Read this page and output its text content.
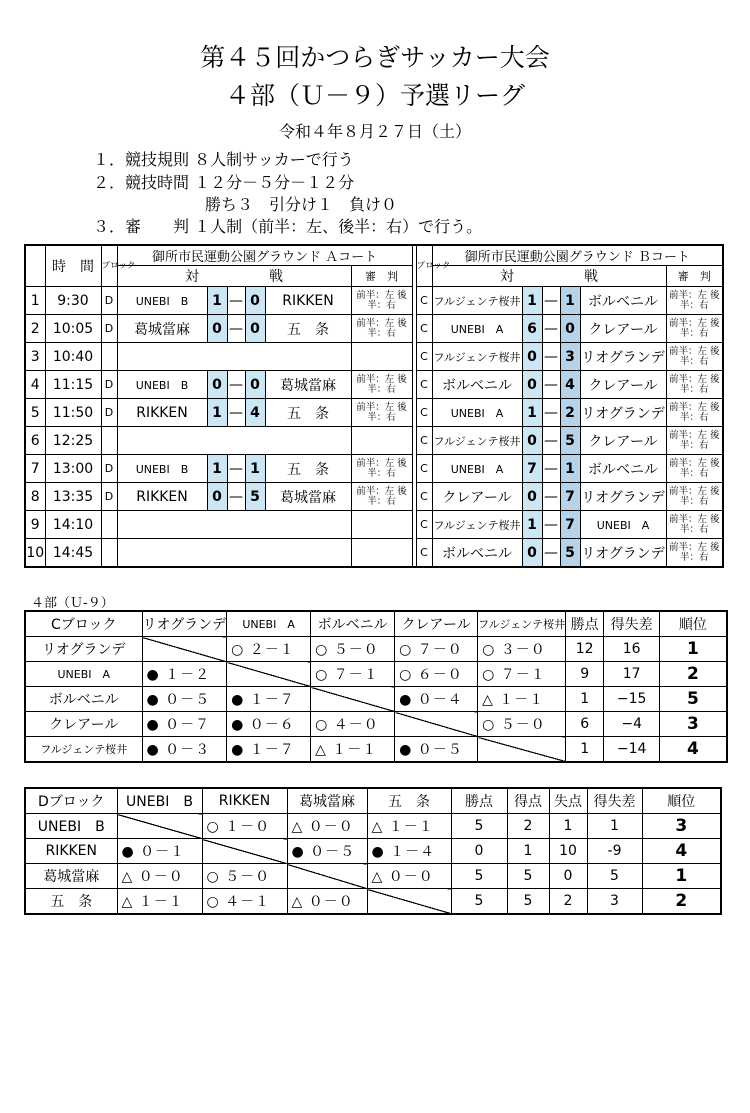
第４５回かつらぎサッカー大会
４部（Ｕ－９）予選リーグ
令和４年８月２７日（土）
１．競技規則 ８人制サッカーで行う
２．競技時間 １２分－５分－１２分
勝ち３　引分け１　負け０
３．審　　判 １人制（前半：左、後半：右）で行う。
	時　間	ブロック	御所市民運動公園グラウンド Ａコート							ブロック	御所市民運動公園グラウンド Ｂコート					
			対　　　　　戦					審　判			対　　　　　戦					審　判
1	9:30	D	UNEBI　B	1	—	0	RIKKEN	前半：左 後半：右		C	フルジェンテ桜井	1	—	1	ボルベニル	前半：左 後半：右
2	10:05	D	葛城當麻	0	—	0	五　条	前半：左 後半：右		C	UNEBI　A	6	—	0	クレアール	前半：左 後半：右
3	10:40									C	フルジェンテ桜井	0	—	3	リオグランデ	前半：左 後半：右
4	11:15	D	UNEBI　B	0	—	0	葛城當麻	前半：左 後半：右		C	ボルベニル	0	—	4	クレアール	前半：左 後半：右
5	11:50	D	RIKKEN	1	—	4	五　条	前半：左 後半：右		C	UNEBI　A	1	—	2	リオグランデ	前半：左 後半：右
6	12:25									C	フルジェンテ桜井	0	—	5	クレアール	前半：左 後半：右
7	13:00	D	UNEBI　B	1	—	1	五　条	前半：左 後半：右		C	UNEBI　A	7	—	1	ボルベニル	前半：左 後半：右
8	13:35	D	RIKKEN	0	—	5	葛城當麻	前半：左 後半：右		C	クレアール	0	—	7	リオグランデ	前半：左 後半：右
9	14:10									C	フルジェンテ桜井	1	—	7	UNEBI　A	前半：左 後半：右
10	14:45									C	ボルベニル	0	—	5	リオグランデ	前半：左 後半：右
４部（Ｕ-９）
Cブロック	リオグランデ	UNEBI　A	ボルベニル	クレアール	フルジェンテ桜井	勝点	得失差	順位
リオグランデ		○ ２－１	○ ５－０	○ ７－０	○ ３－０	12	16	1
UNEBI　A	● １－２		○ ７－１	○ ６－０	○ ７－１	9	17	2
ボルベニル	● ０－５	● １－７		● ０－４	△ １－１	1	−15	5
クレアール	● ０－７	● ０－６	○ ４－０		○ ５－０	6	−4	3
フルジェンテ桜井	● ０－３	● １－７	△ １－１	● ０－５		1	−14	4
Dブロック	UNEBI　B	RIKKEN	葛城當麻	五　条	勝点	得点	失点	得失差	順位
UNEBI　B		○ １－０	△ ０－０	△ １－１	5	2	1	1	3
RIKKEN	● ０－１		● ０－５	● １－４	0	1	10	-9	4
葛城當麻	△ ０－０	○ ５－０		△ ０－０	5	5	0	5	1
五　条	△ １－１	○ ４－１	△ ０－０		5	5	2	3	2
